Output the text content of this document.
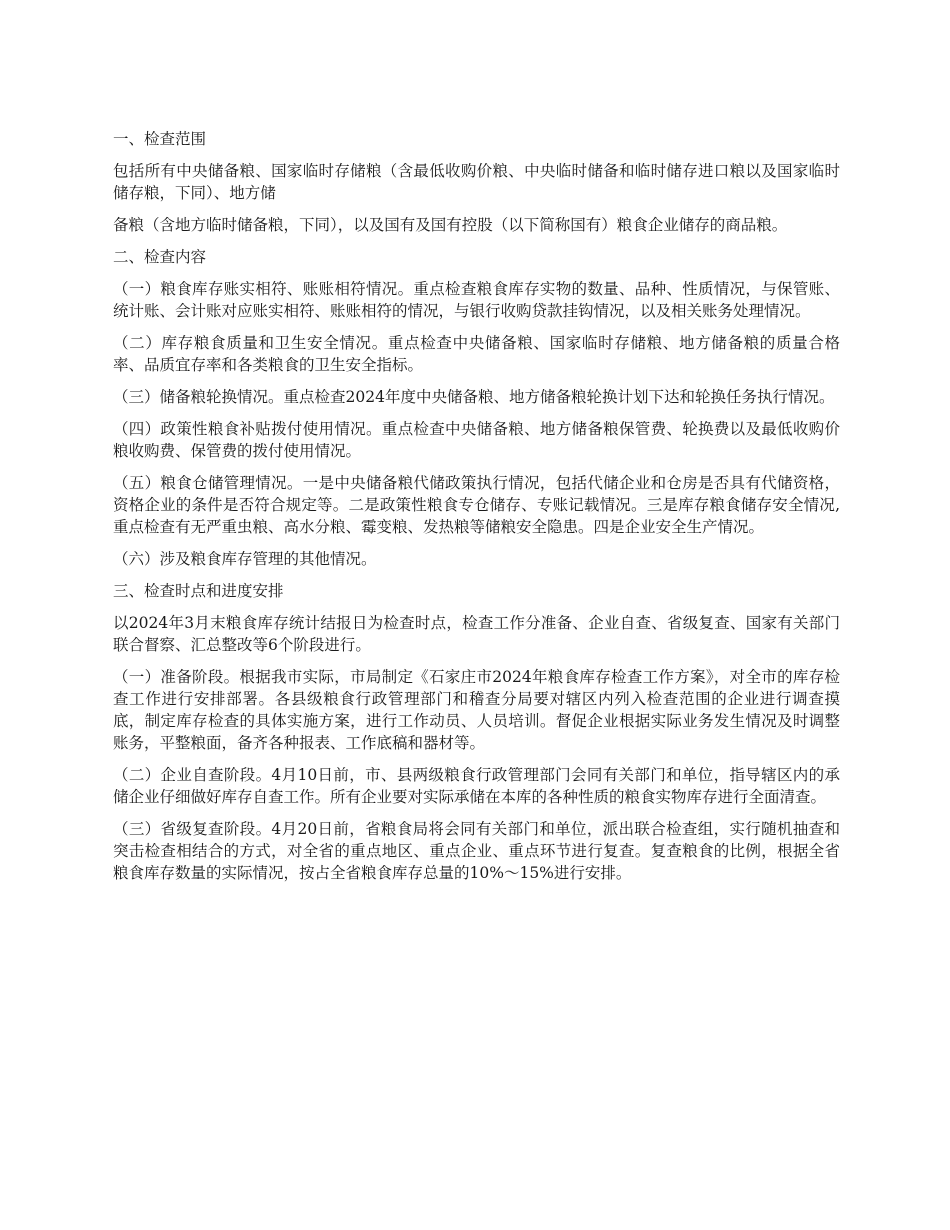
一、检查范围

包括所有中央储备粮、国家临时存储粮（含最低收购价粮、中央临时储备和临时储存进口粮以及国家临时储存粮，下同）、地方储

备粮（含地方临时储备粮，下同），以及国有及国有控股（以下简称国有）粮食企业储存的商品粮。

二、检查内容

（一）粮食库存账实相符、账账相符情况。重点检查粮食库存实物的数量、品种、性质情况，与保管账、统计账、会计账对应账实相符、账账相符的情况，与银行收购贷款挂钩情况，以及相关账务处理情况。

（二）库存粮食质量和卫生安全情况。重点检查中央储备粮、国家临时存储粮、地方储备粮的质量合格率、品质宜存率和各类粮食的卫生安全指标。

（三）储备粮轮换情况。重点检查2024年度中央储备粮、地方储备粮轮换计划下达和轮换任务执行情况。

（四）政策性粮食补贴拨付使用情况。重点检查中央储备粮、地方储备粮保管费、轮换费以及最低收购价粮收购费、保管费的拨付使用情况。

（五）粮食仓储管理情况。一是中央储备粮代储政策执行情况，包括代储企业和仓房是否具有代储资格，资格企业的条件是否符合规定等。二是政策性粮食专仓储存、专账记载情况。三是库存粮食储存安全情况,重点检查有无严重虫粮、高水分粮、霉变粮、发热粮等储粮安全隐患。四是企业安全生产情况。

（六）涉及粮食库存管理的其他情况。

三、检查时点和进度安排

以2024年3月末粮食库存统计结报日为检查时点，检查工作分准备、企业自查、省级复查、国家有关部门联合督察、汇总整改等6个阶段进行。

（一）准备阶段。根据我市实际，市局制定《石家庄市2024年粮食库存检查工作方案》，对全市的库存检查工作进行安排部署。各县级粮食行政管理部门和稽查分局要对辖区内列入检查范围的企业进行调查摸底，制定库存检查的具体实施方案，进行工作动员、人员培训。督促企业根据实际业务发生情况及时调整账务，平整粮面，备齐各种报表、工作底稿和器材等。

（二）企业自查阶段。4月10日前，市、县两级粮食行政管理部门会同有关部门和单位，指导辖区内的承储企业仔细做好库存自查工作。所有企业要对实际承储在本库的各种性质的粮食实物库存进行全面清查。

（三）省级复查阶段。4月20日前，省粮食局将会同有关部门和单位，派出联合检查组，实行随机抽查和突击检查相结合的方式，对全省的重点地区、重点企业、重点环节进行复查。复查粮食的比例，根据全省粮食库存数量的实际情况，按占全省粮食库存总量的10%～15%进行安排。
